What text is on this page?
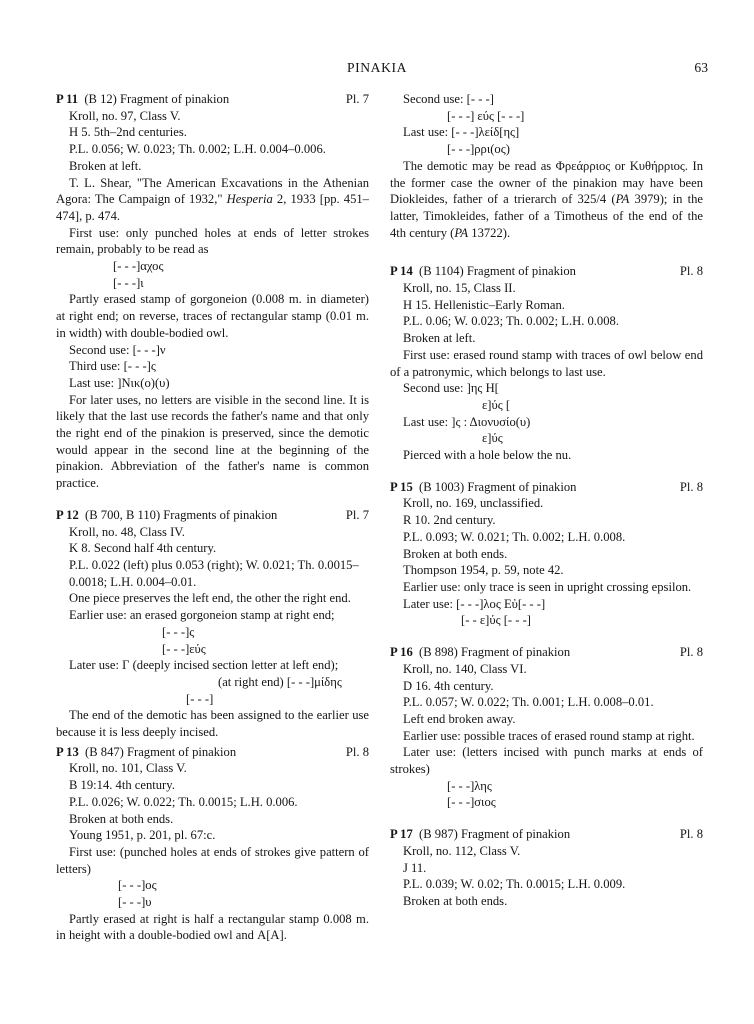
PINAKIA	63
P 11 (B 12) Fragment of pinakion	Pl. 7

Kroll, no. 97, Class V.

H 5. 5th–2nd centuries.

P.L. 0.056; W. 0.023; Th. 0.002; L.H. 0.004–0.006.

Broken at left.

T. L. Shear, "The American Excavations in the Athenian Agora: The Campaign of 1932," Hesperia 2, 1933 [pp. 451–474], p. 474.

First use: only punched holes at ends of letter strokes remain, probably to be read as

[- - -]αχος

[- - -]ι

Partly erased stamp of gorgoneion (0.008 m. in diameter) at right end; on reverse, traces of rectangular stamp (0.01 m. in width) with double-bodied owl.

Second use: [- - -]ν

Third use: [- - -]ς

Last use: ]Νικ(ο)(υ)

For later uses, no letters are visible in the second line. It is likely that the last use records the father's name and that only the right end of the pinakion is preserved, since the demotic would appear in the second line at the beginning of the pinakion. Abbreviation of the father's name is common practice.

P 12 (B 700, B 110) Fragments of pinakion	Pl. 7

Kroll, no. 48, Class IV.

K 8. Second half 4th century.

P.L. 0.022 (left) plus 0.053 (right); W. 0.021; Th. 0.0015–0.0018; L.H. 0.004–0.01.

One piece preserves the left end, the other the right end.

Earlier use: an erased gorgoneion stamp at right end;

[- - -]ς

[- - -]εύς

Later use: Γ (deeply incised section letter at left end);

(at right end) [- - -]μίδης

[- - -]

The end of the demotic has been assigned to the earlier use because it is less deeply incised.

P 13 (B 847) Fragment of pinakion	Pl. 8

Kroll, no. 101, Class V.

B 19:14. 4th century.

P.L. 0.026; W. 0.022; Th. 0.0015; L.H. 0.006.

Broken at both ends.

Young 1951, p. 201, pl. 67:c.

First use: (punched holes at ends of strokes give pattern of letters)

[- - -]ος

[- - -]υ

Partly erased at right is half a rectangular stamp 0.008 m. in height with a double-bodied owl and Α[Α].

Second use: [- - -]

[- - -] εύς [- - -]

Last use: [- - -]λείδ[ης]

[- - -]ρρι(ος)

The demotic may be read as Φρεάρριος or Κυθήρριος. In the former case the owner of the pinakion may have been Diokleides, father of a trierarch of 325/4 (PA 3979); in the latter, Timokleides, father of a Timotheus of the end of the 4th century (PA 13722).

P 14 (B 1104) Fragment of pinakion	Pl. 8

Kroll, no. 15, Class II.

H 15. Hellenistic–Early Roman.

P.L. 0.06; W. 0.023; Th. 0.002; L.H. 0.008.

Broken at left.

First use: erased round stamp with traces of owl below end of a patronymic, which belongs to last use.

Second use: ]ης Η[

ε]ύς [

Last use: ]ς : Διονυσίο(υ)

ε]ύς

Pierced with a hole below the nu.

P 15 (B 1003) Fragment of pinakion	Pl. 8

Kroll, no. 169, unclassified.

R 10. 2nd century.

P.L. 0.093; W. 0.021; Th. 0.002; L.H. 0.008.

Broken at both ends.

Thompson 1954, p. 59, note 42.

Earlier use: only trace is seen in upright crossing epsilon.

Later use: [- - -]λος Εὐ[- - -]

[- - ε]ύς [- - -]

P 16 (B 898) Fragment of pinakion	Pl. 8

Kroll, no. 140, Class VI.

D 16. 4th century.

P.L. 0.057; W. 0.022; Th. 0.001; L.H. 0.008–0.01.

Left end broken away.

Earlier use: possible traces of erased round stamp at right.

Later use: (letters incised with punch marks at ends of strokes)

[- - -]λης

[- - -]σιος

P 17 (B 987) Fragment of pinakion	Pl. 8

Kroll, no. 112, Class V.

J 11.

P.L. 0.039; W. 0.02; Th. 0.0015; L.H. 0.009.

Broken at both ends.
